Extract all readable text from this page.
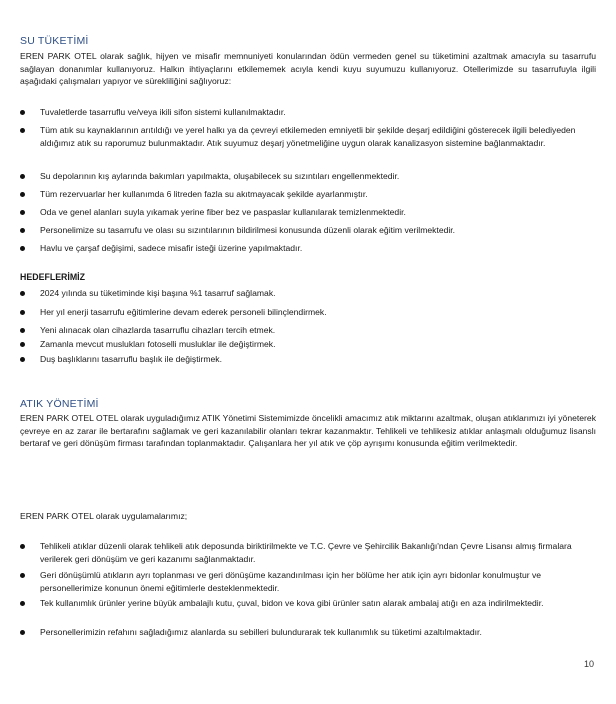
SU TÜKETİMİ

EREN PARK OTEL olarak sağlık, hijyen ve misafir memnuniyeti konularından ödün vermeden genel su tüketimini azaltmak amacıyla su tasarrufu sağlayan donanımlar kullanıyoruz. Halkın ihtiyaçlarını etkilememek acıyla kendi kuyu suyumuzu kullanıyoruz. Otellerimizde su tasarrufuyla ilgili aşağıdaki çalışmaları yapıyor ve sürekliliğini sağlıyoruz:

Tuvaletlerde tasarruflu ve/veya ikili sifon sistemi kullanılmaktadır.
Tüm atık su kaynaklarının arıtıldığı ve yerel halkı ya da çevreyi etkilemeden emniyetli bir şekilde deşarj edildiğini gösterecek ilgili belediyeden aldığımız atık su raporumuz bulunmaktadır. Atık suyumuz deşarj yönetmeliğine uygun olarak kanalizasyon sistemine bağlanmaktadır.
Su depolarının kış aylarında bakımları yapılmakta, oluşabilecek su sızıntıları engellenmektedir.
Tüm rezervuarlar her kullanımda 6 litreden fazla su akıtmayacak şekilde ayarlanmıştır.
Oda ve genel alanları suyla yıkamak yerine fiber bez ve paspaslar kullanılarak temizlenmektedir.
Personelimize su tasarrufu ve olası su sızıntılarının bildirilmesi konusunda düzenli olarak eğitim verilmektedir.
Havlu ve çarşaf değişimi, sadece misafir isteği üzerine yapılmaktadır.
HEDEFLERİMİZ
2024 yılında su tüketiminde kişi başına %1 tasarruf sağlamak.
Her yıl enerji tasarrufu eğitimlerine devam ederek personeli bilinçlendirmek.
Yeni alınacak olan cihazlarda tasarruflu cihazları tercih etmek.
Zamanla mevcut muslukları fotoselli musluklar ile değiştirmek.
Duş başlıklarını tasarruflu başlık ile değiştirmek.
ATIK YÖNETİMİ

EREN PARK OTEL OTEL olarak uyguladığımız ATIK Yönetimi Sistemimizde öncelikli amacımız atık miktarını azaltmak, oluşan atıklarımızı iyi yöneterek çevreye en az zarar ile bertarafını sağlamak ve geri kazanılabilir olanları tekrar kazanmaktır. Tehlikeli ve tehlikesiz atıklar anlaşmalı olduğumuz lisanslı bertaraf ve geri dönüşüm firması tarafından toplanmaktadır. Çalışanlara her yıl atık ve çöp ayrışımı konusunda eğitim verilmektedir.

EREN PARK OTEL olarak uygulamalarımız;
Tehlikeli atıklar düzenli olarak tehlikeli atık deposunda biriktirilmekte ve T.C. Çevre ve Şehircilik Bakanlığı'ndan Çevre Lisansı almış firmalara verilerek geri dönüşüm ve geri kazanımı sağlanmaktadır.
Geri dönüşümlü atıkların ayrı toplanması ve geri dönüşüme kazandırılması için her bölüme her atık için ayrı bidonlar konulmuştur ve personellerimize konunun önemi eğitimlerle desteklenmektedir.
Tek kullanımlık ürünler yerine büyük ambalajlı kutu, çuval, bidon ve kova gibi ürünler satın alarak ambalaj atığı en aza indirilmektedir.
Personellerimizin refahını sağladığımız alanlarda su sebilleri bulundurarak tek kullanımlık su tüketimi azaltılmaktadır.
10
